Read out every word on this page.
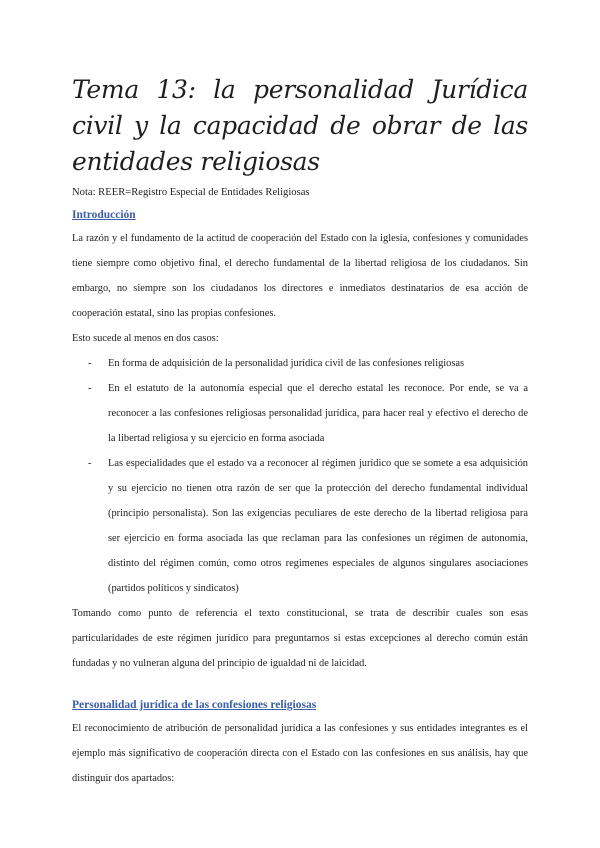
Tema 13: la personalidad Jurídica civil y la capacidad de obrar de las entidades religiosas

Nota: REER=Registro Especial de Entidades Religiosas

Introducción

La razón y el fundamento de la actitud de cooperación del Estado con la iglesia, confesiones y comunidades tiene siempre como objetivo final, el derecho fundamental de la libertad religiosa de los ciudadanos. Sin embargo, no siempre son los ciudadanos los directores e inmediatos destinatarios de esa acción de cooperación estatal, sino las propias confesiones.

Esto sucede al menos en dos casos:

- En forma de adquisición de la personalidad jurídica civil de las confesiones religiosas
- En el estatuto de la autonomía especial que el derecho estatal les reconoce. Por ende, se va a reconocer a las confesiones religiosas personalidad jurídica, para hacer real y efectivo el derecho de la libertad religiosa y su ejercicio en forma asociada
- Las especialidades que el estado va a reconocer al régimen jurídico que se somete a esa adquisición y su ejercicio no tienen otra razón de ser que la protección del derecho fundamental individual (principio personalista). Son las exigencias peculiares de este derecho de la libertad religiosa para ser ejercicio en forma asociada las que reclaman para las confesiones un régimen de autonomía, distinto del régimen común, como otros regimenes especiales de algunos singulares asociaciones (partidos políticos y sindicatos)

Tomando como punto de referencia el texto constitucional, se trata de describir cuales son esas particularidades de este régimen jurídico para preguntarnos si estas excepciones al derecho común están fundadas y no vulneran alguna del principio de igualdad ni de laicidad.

Personalidad jurídica de las confesiones religiosas

El reconocimiento de atribución de personalidad jurídica a las confesiones y sus entidades integrantes es el ejemplo más significativo de cooperación directa con el Estado con las confesiones en sus análisis, hay que distinguir dos apartados:
